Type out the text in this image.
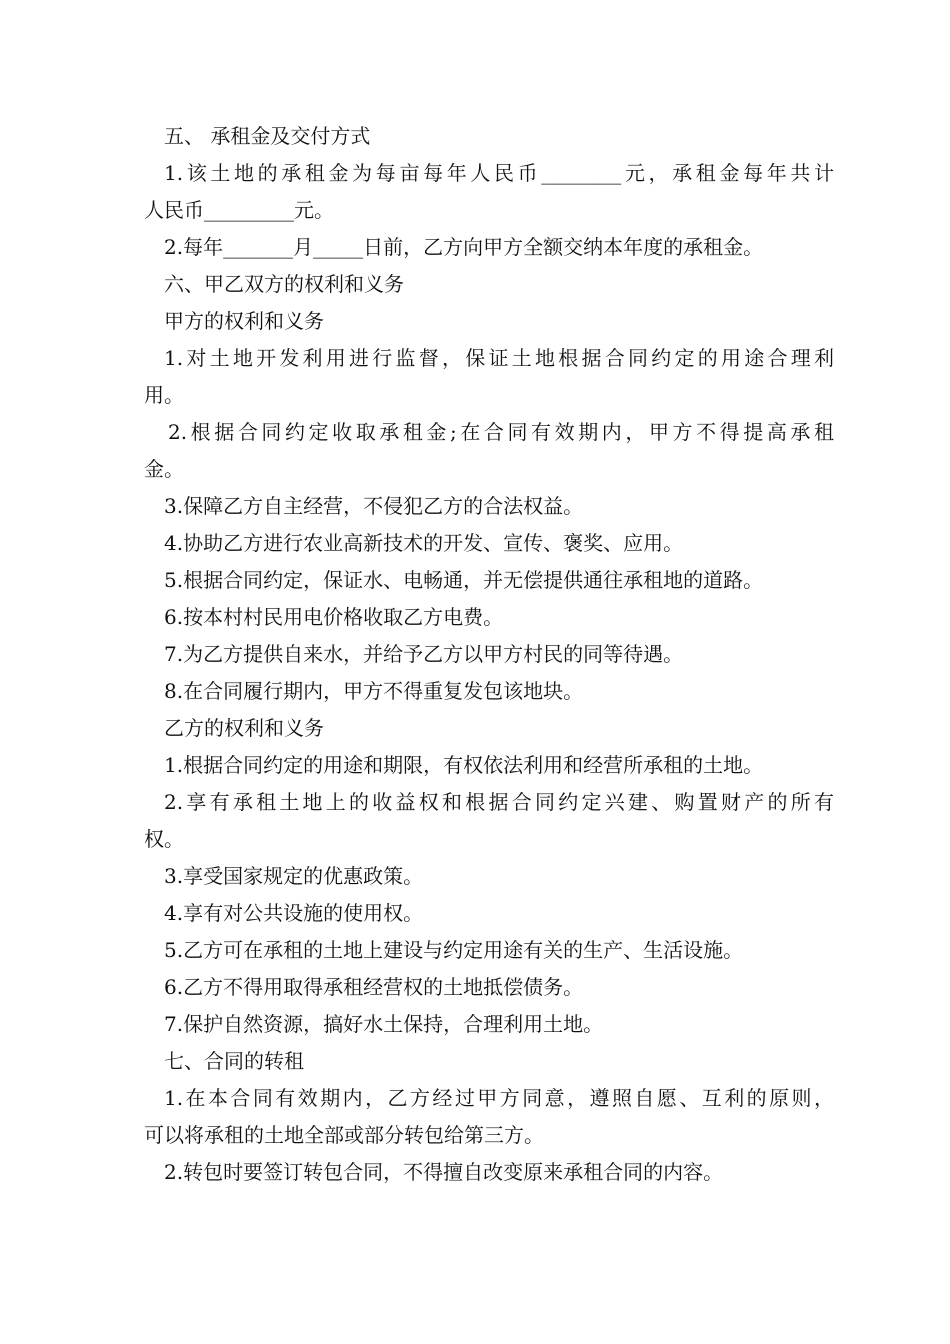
五、 承租金及交付方式
1.该土地的承租金为每亩每年人民币________元，承租金每年共计
人民币_________元。
2.每年_______月_____日前，乙方向甲方全额交纳本年度的承租金。
六、甲乙双方的权利和义务
甲方的权利和义务
1.对土地开发利用进行监督，保证土地根据合同约定的用途合理利
用。
2.根据合同约定收取承租金;在合同有效期内，甲方不得提高承租
金。
3.保障乙方自主经营，不侵犯乙方的合法权益。
4.协助乙方进行农业高新技术的开发、宣传、褒奖、应用。
5.根据合同约定，保证水、电畅通，并无偿提供通往承租地的道路。
6.按本村村民用电价格收取乙方电费。
7.为乙方提供自来水，并给予乙方以甲方村民的同等待遇。
8.在合同履行期内，甲方不得重复发包该地块。
乙方的权利和义务
1.根据合同约定的用途和期限，有权依法利用和经营所承租的土地。
2.享有承租土地上的收益权和根据合同约定兴建、购置财产的所有
权。
3.享受国家规定的优惠政策。
4.享有对公共设施的使用权。
5.乙方可在承租的土地上建设与约定用途有关的生产、生活设施。
6.乙方不得用取得承租经营权的土地抵偿债务。
7.保护自然资源，搞好水土保持，合理利用土地。
七、合同的转租
1.在本合同有效期内，乙方经过甲方同意，遵照自愿、互利的原则，
可以将承租的土地全部或部分转包给第三方。
2.转包时要签订转包合同，不得擅自改变原来承租合同的内容。
